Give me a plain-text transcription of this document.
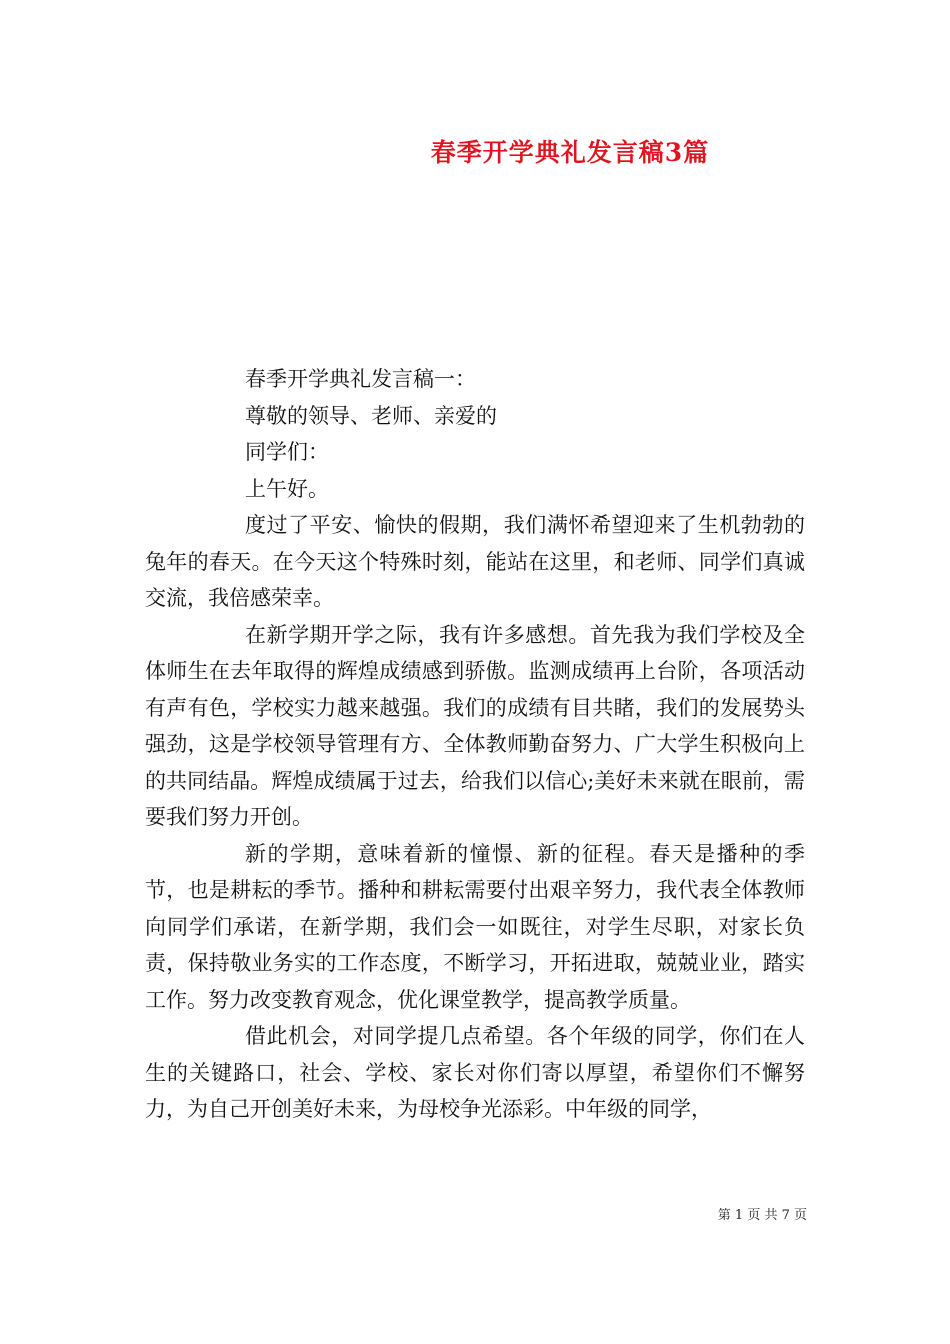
春季开学典礼发言稿3篇

春季开学典礼发言稿一：

尊敬的领导、老师、亲爱的

同学们：

上午好。

度过了平安、愉快的假期，我们满怀希望迎来了生机勃勃的兔年的春天。在今天这个特殊时刻，能站在这里，和老师、同学们真诚交流，我倍感荣幸。

在新学期开学之际，我有许多感想。首先我为我们学校及全体师生在去年取得的辉煌成绩感到骄傲。监测成绩再上台阶，各项活动有声有色，学校实力越来越强。我们的成绩有目共睹，我们的发展势头强劲，这是学校领导管理有方、全体教师勤奋努力、广大学生积极向上的共同结晶。辉煌成绩属于过去，给我们以信心;美好未来就在眼前，需要我们努力开创。

新的学期，意味着新的憧憬、新的征程。春天是播种的季节，也是耕耘的季节。播种和耕耘需要付出艰辛努力，我代表全体教师向同学们承诺，在新学期，我们会一如既往，对学生尽职，对家长负责，保持敬业务实的工作态度，不断学习，开拓进取，兢兢业业，踏实工作。努力改变教育观念，优化课堂教学，提高教学质量。

借此机会，对同学提几点希望。各个年级的同学，你们在人生的关键路口，社会、学校、家长对你们寄以厚望，希望你们不懈努力，为自己开创美好未来，为母校争光添彩。中年级的同学，

第 1 页 共 7 页
